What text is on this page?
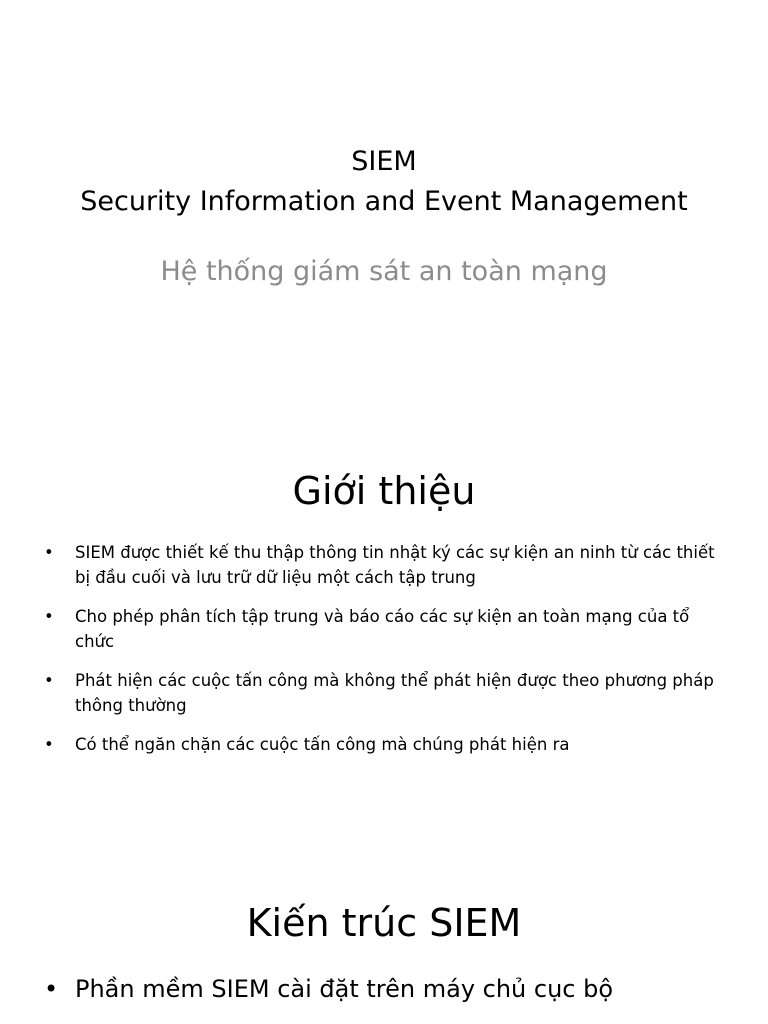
SIEM
Security Information and Event Management
Hệ thống giám sát an toàn mạng
Giới thiệu
• SIEM được thiết kế thu thập thông tin nhật ký các sự kiện an ninh từ các thiết bị đầu cuối và lưu trữ dữ liệu một cách tập trung
• Cho phép phân tích tập trung và báo cáo các sự kiện an toàn mạng của tổ chức
• Phát hiện các cuộc tấn công mà không thể phát hiện được theo phương pháp thông thường
• Có thể ngăn chặn các cuộc tấn công mà chúng phát hiện ra
Kiến trúc SIEM
• Phần mềm SIEM cài đặt trên máy chủ cục bộ
